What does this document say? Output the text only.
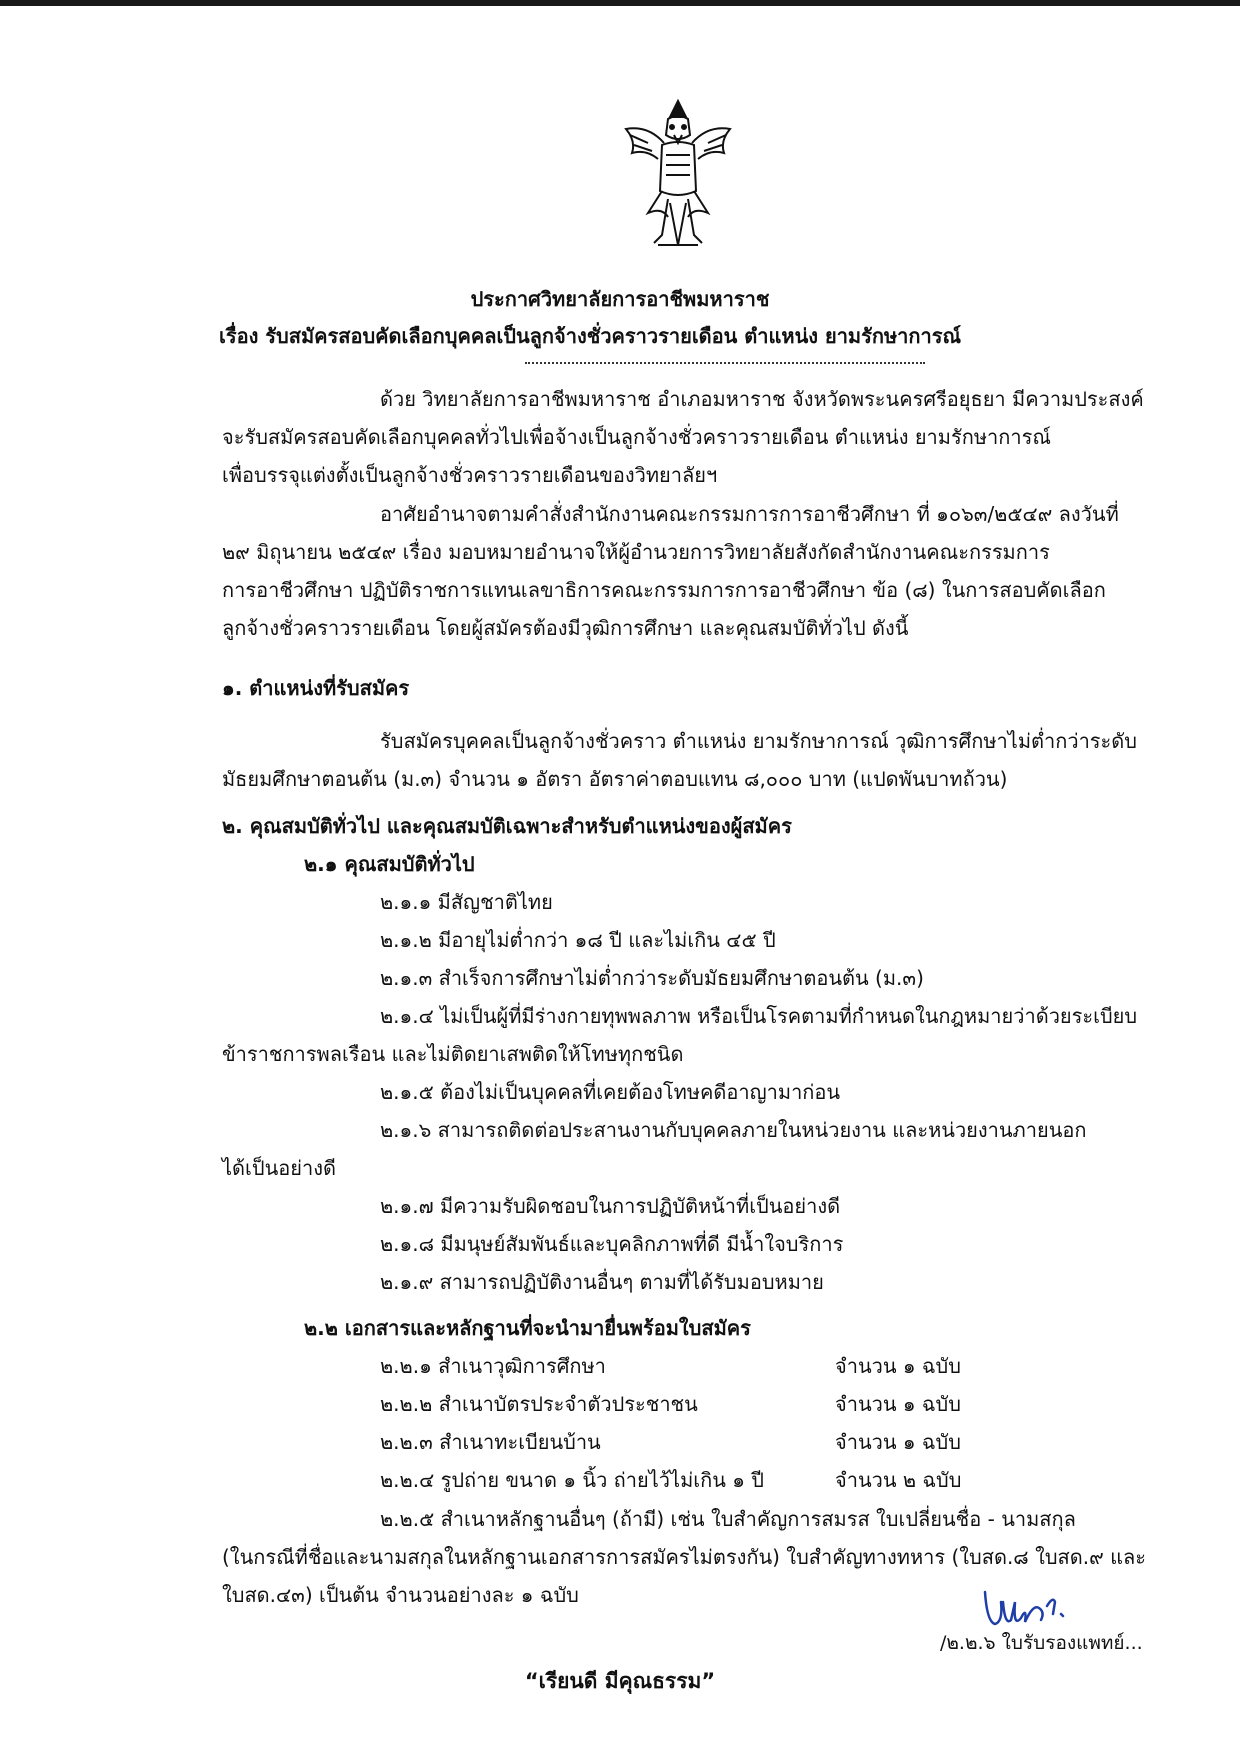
ประกาศวิทยาลัยการอาชีพมหาราช
เรื่อง รับสมัครสอบคัดเลือกบุคคลเป็นลูกจ้างชั่วคราวรายเดือน ตำแหน่ง ยามรักษาการณ์
ด้วย วิทยาลัยการอาชีพมหาราช อำเภอมหาราช จังหวัดพระนครศรีอยุธยา มีความประสงค์
จะรับสมัครสอบคัดเลือกบุคคลทั่วไปเพื่อจ้างเป็นลูกจ้างชั่วคราวรายเดือน ตำแหน่ง ยามรักษาการณ์
เพื่อบรรจุแต่งตั้งเป็นลูกจ้างชั่วคราวรายเดือนของวิทยาลัยฯ
อาศัยอำนาจตามคำสั่งสำนักงานคณะกรรมการการอาชีวศึกษา ที่ ๑๐๖๓/๒๕๔๙ ลงวันที่
๒๙ มิถุนายน ๒๕๔๙ เรื่อง มอบหมายอำนาจให้ผู้อำนวยการวิทยาลัยสังกัดสำนักงานคณะกรรมการ
การอาชีวศึกษา ปฏิบัติราชการแทนเลขาธิการคณะกรรมการการอาชีวศึกษา ข้อ (๘) ในการสอบคัดเลือก
ลูกจ้างชั่วคราวรายเดือน โดยผู้สมัครต้องมีวุฒิการศึกษา และคุณสมบัติทั่วไป ดังนี้
๑. ตำแหน่งที่รับสมัคร
รับสมัครบุคคลเป็นลูกจ้างชั่วคราว ตำแหน่ง ยามรักษาการณ์ วุฒิการศึกษาไม่ต่ำกว่าระดับ
มัธยมศึกษาตอนต้น (ม.๓) จำนวน ๑ อัตรา อัตราค่าตอบแทน ๘,๐๐๐ บาท (แปดพันบาทถ้วน)
๒. คุณสมบัติทั่วไป และคุณสมบัติเฉพาะสำหรับตำแหน่งของผู้สมัคร
๒.๑ คุณสมบัติทั่วไป
๒.๑.๑ มีสัญชาติไทย
๒.๑.๒ มีอายุไม่ต่ำกว่า ๑๘ ปี และไม่เกิน ๔๕ ปี
๒.๑.๓ สำเร็จการศึกษาไม่ต่ำกว่าระดับมัธยมศึกษาตอนต้น (ม.๓)
๒.๑.๔ ไม่เป็นผู้ที่มีร่างกายทุพพลภาพ หรือเป็นโรคตามที่กำหนดในกฎหมายว่าด้วยระเบียบ
ข้าราชการพลเรือน และไม่ติดยาเสพติดให้โทษทุกชนิด
๒.๑.๕ ต้องไม่เป็นบุคคลที่เคยต้องโทษคดีอาญามาก่อน
๒.๑.๖ สามารถติดต่อประสานงานกับบุคคลภายในหน่วยงาน และหน่วยงานภายนอก
ได้เป็นอย่างดี
๒.๑.๗ มีความรับผิดชอบในการปฏิบัติหน้าที่เป็นอย่างดี
๒.๑.๘ มีมนุษย์สัมพันธ์และบุคลิกภาพที่ดี มีน้ำใจบริการ
๒.๑.๙ สามารถปฏิบัติงานอื่นๆ ตามที่ได้รับมอบหมาย
๒.๒ เอกสารและหลักฐานที่จะนำมายื่นพร้อมใบสมัคร
๒.๒.๑ สำเนาวุฒิการศึกษา	จำนวน ๑ ฉบับ
๒.๒.๒ สำเนาบัตรประจำตัวประชาชน	จำนวน ๑ ฉบับ
๒.๒.๓ สำเนาทะเบียนบ้าน	จำนวน ๑ ฉบับ
๒.๒.๔ รูปถ่าย ขนาด ๑ นิ้ว ถ่ายไว้ไม่เกิน ๑ ปี	จำนวน ๒ ฉบับ
๒.๒.๕ สำเนาหลักฐานอื่นๆ (ถ้ามี) เช่น ใบสำคัญการสมรส ใบเปลี่ยนชื่อ - นามสกุล
(ในกรณีที่ชื่อและนามสกุลในหลักฐานเอกสารการสมัครไม่ตรงกัน) ใบสำคัญทางทหาร (ใบสด.๘ ใบสด.๙ และ
ใบสด.๔๓) เป็นต้น จำนวนอย่างละ ๑ ฉบับ
/๒.๒.๖ ใบรับรองแพทย์...
“เรียนดี มีคุณธรรม”
